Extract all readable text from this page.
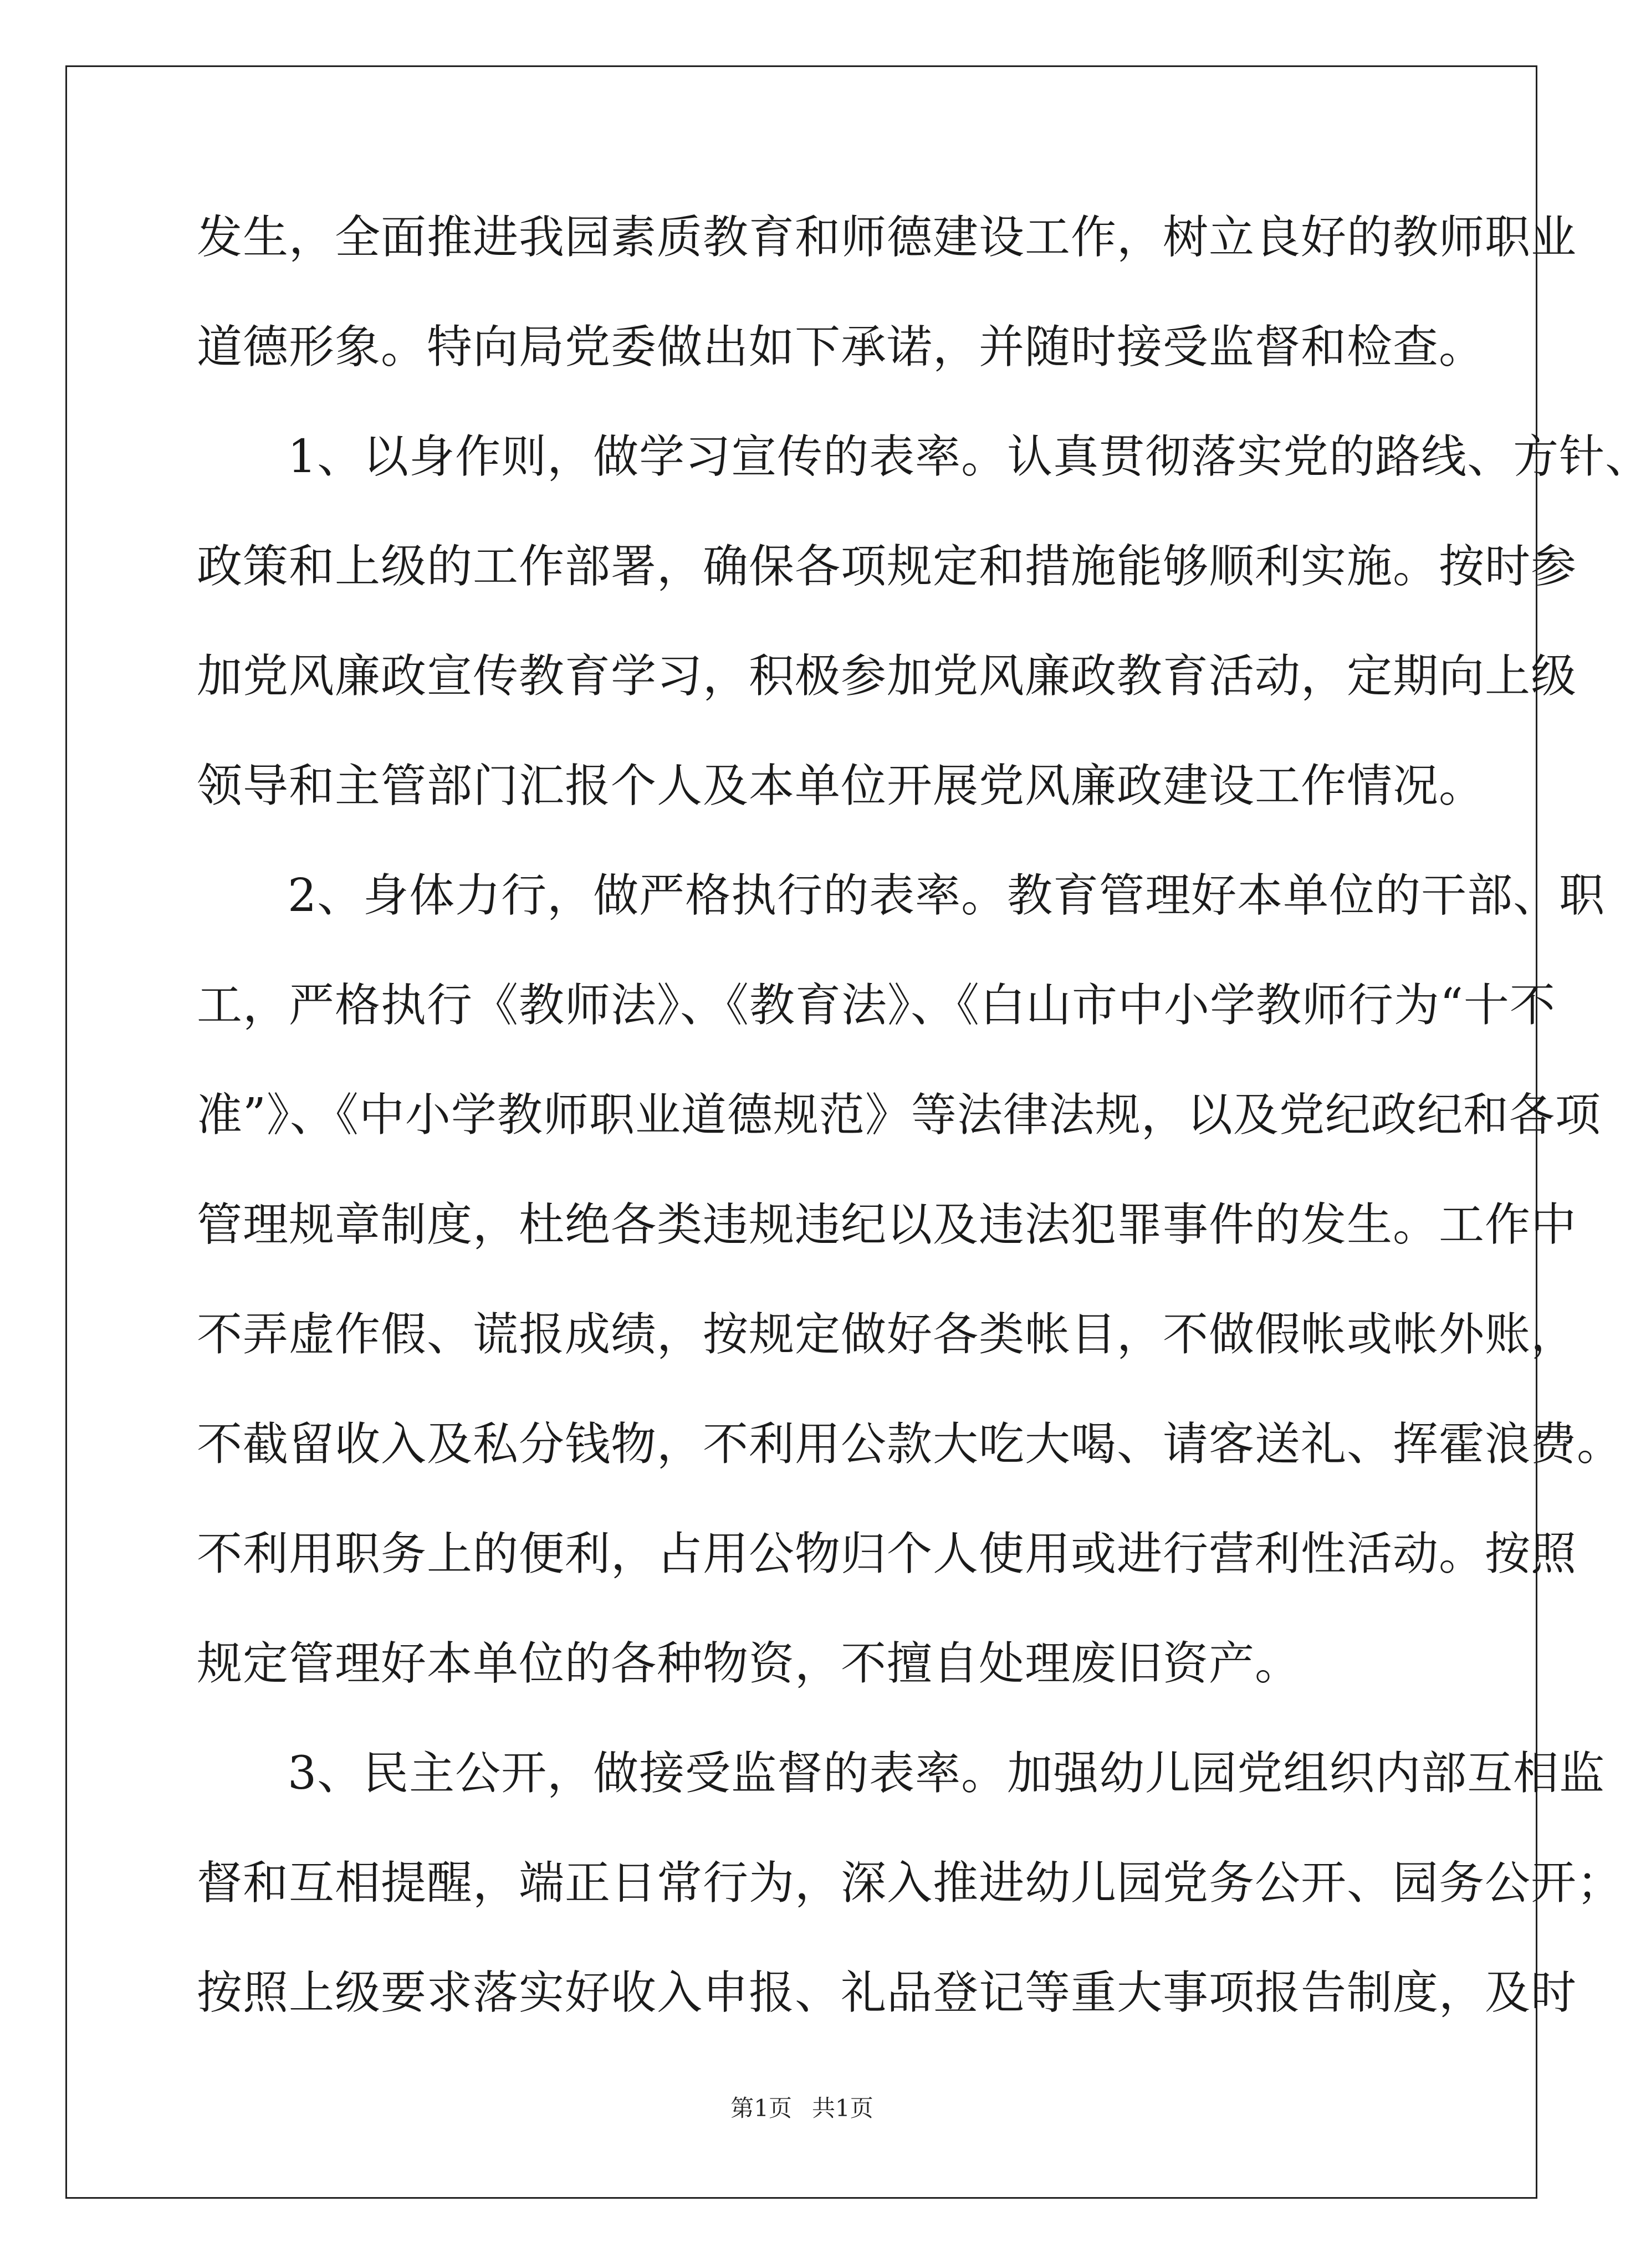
发生，全面推进我园素质教育和师德建设工作，树立良好的教师职业
道德形象。特向局党委做出如下承诺，并随时接受监督和检查。
1、以身作则，做学习宣传的表率。认真贯彻落实党的路线、方针、
政策和上级的工作部署，确保各项规定和措施能够顺利实施。按时参
加党风廉政宣传教育学习，积极参加党风廉政教育活动，定期向上级
领导和主管部门汇报个人及本单位开展党风廉政建设工作情况。
2、身体力行，做严格执行的表率。教育管理好本单位的干部、职
工，严格执行《教师法》、《教育法》、《白山市中小学教师行为“十不
准”》、《中小学教师职业道德规范》等法律法规，以及党纪政纪和各项
管理规章制度，杜绝各类违规违纪以及违法犯罪事件的发生。工作中
不弄虚作假、谎报成绩，按规定做好各类帐目，不做假帐或帐外账，
不截留收入及私分钱物，不利用公款大吃大喝、请客送礼、挥霍浪费。
不利用职务上的便利，占用公物归个人使用或进行营利性活动。按照
规定管理好本单位的各种物资，不擅自处理废旧资产。
3、民主公开，做接受监督的表率。加强幼儿园党组织内部互相监
督和互相提醒，端正日常行为，深入推进幼儿园党务公开、园务公开；
按照上级要求落实好收入申报、礼品登记等重大事项报告制度，及时
第1页 共1页
